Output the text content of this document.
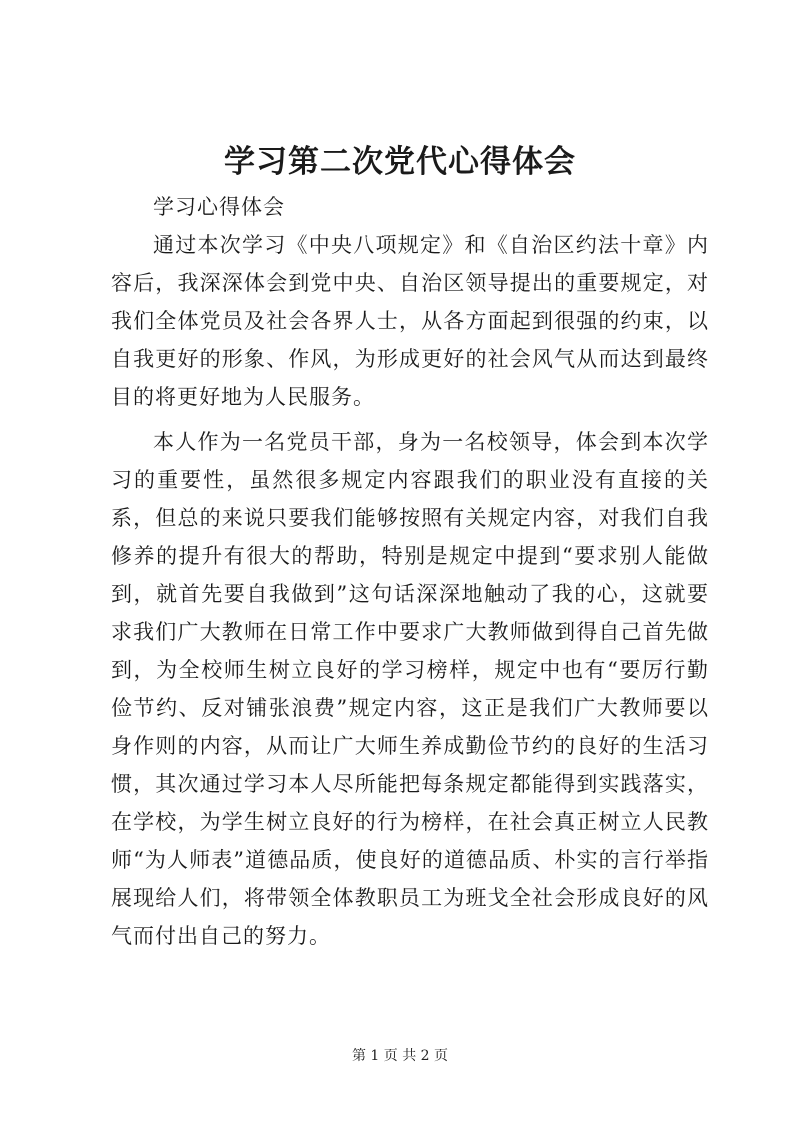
学习第二次党代心得体会

学习心得体会

通过本次学习《中央八项规定》和《自治区约法十章》内容后，我深深体会到党中央、自治区领导提出的重要规定，对我们全体党员及社会各界人士，从各方面起到很强的约束，以自我更好的形象、作风，为形成更好的社会风气从而达到最终目的将更好地为人民服务。

本人作为一名党员干部，身为一名校领导，体会到本次学习的重要性，虽然很多规定内容跟我们的职业没有直接的关系，但总的来说只要我们能够按照有关规定内容，对我们自我修养的提升有很大的帮助，特别是规定中提到“要求别人能做到，就首先要自我做到”这句话深深地触动了我的心，这就要求我们广大教师在日常工作中要求广大教师做到得自己首先做到，为全校师生树立良好的学习榜样，规定中也有“要厉行勤俭节约、反对铺张浪费”规定内容，这正是我们广大教师要以身作则的内容，从而让广大师生养成勤俭节约的良好的生活习惯，其次通过学习本人尽所能把每条规定都能得到实践落实，在学校，为学生树立良好的行为榜样，在社会真正树立人民教师“为人师表”道德品质，使良好的道德品质、朴实的言行举指展现给人们，将带领全体教职员工为班戈全社会形成良好的风气而付出自己的努力。

第 1 页 共 2 页
